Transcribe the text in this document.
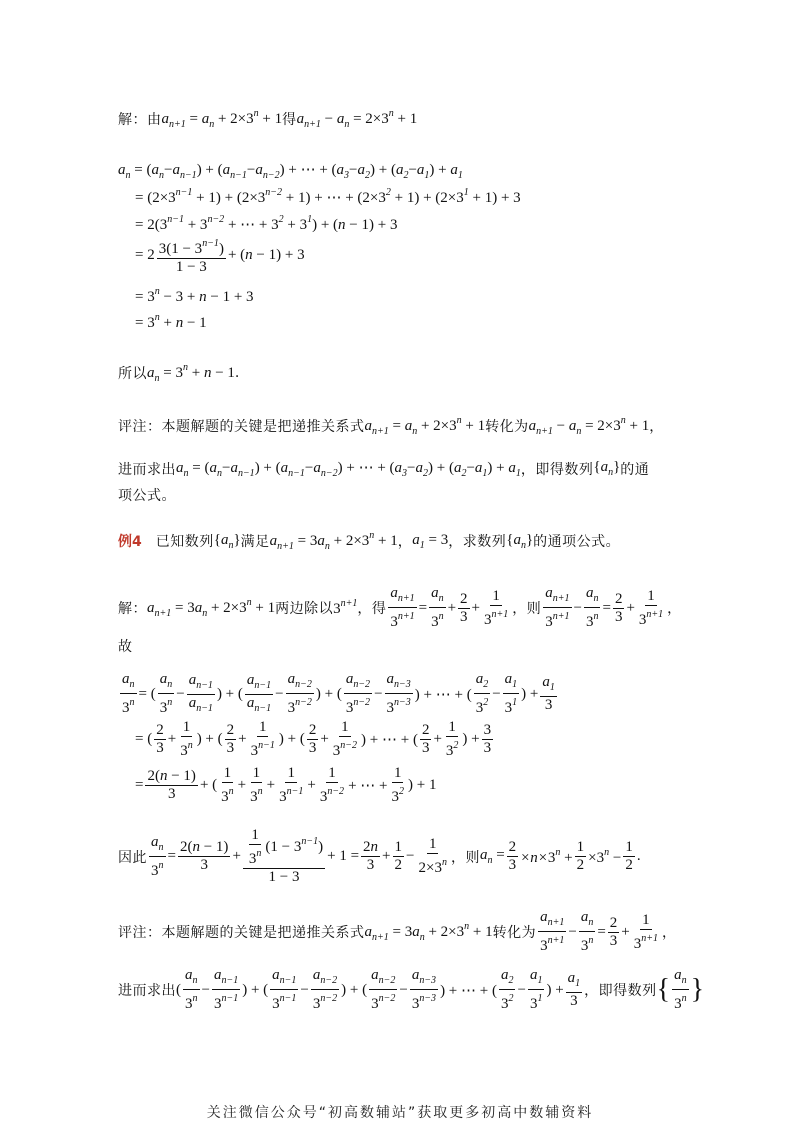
解：由 $a_{n+1} = a_n + 2\times 3^n + 1$ 得 $a_{n+1} - a_n = 2\times 3^n + 1$
$a_n = (a_n-a_{n-1}) + (a_{n-1}-a_{n-2})$ + ⋯ + $(a_3-a_2) + (a_2-a_1) + a_1$
= $(2\times 3^{n-1} + 1) + (2\times 3^{n-2} + 1)$ + ⋯ + $(2\times 3^2 + 1) + (2\times 3^1 + 1) + 3$
= $2(3^{n-1} + 3^{n-2}$ + ⋯ + $3^2 + 3^1) + (n - 1) + 3$
= $2 \frac{3(1 - 3^{n-1})}{1 - 3} + (n - 1) + 3$
= $3^n - 3 + n - 1 + 3$
= $3^n + n - 1$
所以 $a_n = 3^n + n - 1$ .
评注：本题解题的关键是把递推关系式 $a_{n+1} = a_n + 2\times 3^n + 1$ 转化为 $a_{n+1} - a_n = 2\times 3^n + 1$ ，
进而求出 $a_n = (a_n-a_{n-1}) + (a_{n-1}-a_{n-2})$ + ⋯ + $(a_3-a_2) + (a_2-a_1) + a_1$ ，即得数列 $\{a_n\}$ 的通
项公式。
例4 已知数列 $\{a_n\}$ 满足 $a_{n+1} = 3a_n + 2\times 3^n + 1$ ， $a_1 = 3$ ，求数列 $\{a_n\}$ 的通项公式。
解： $a_{n+1} = 3a_n + 2\times 3^n + 1$ 两边除以 $3^{n+1}$ ，得 $\frac{a_{n+1}}{3^{n+1}} = \frac{a_n}{3^n} + \frac{2}{3} + \frac{1}{3^{n+1}}$ ，则 $\frac{a_{n+1}}{3^{n+1}} - \frac{a_n}{3^n} = \frac{2}{3} + \frac{1}{3^{n+1}}$ ，
故
$\frac{a_n}{3^n}$ = ( $\frac{a_n}{3^n} - \frac{a_{n-1}}{a_{n-1}}$ ) + ( $\frac{a_{n-1}}{a_{n-1}} - \frac{a_{n-2}}{3^{n-2}}$ ) + ( $\frac{a_{n-2}}{3^{n-2}} - \frac{a_{n-3}}{3^{n-3}}$ ) + ⋯ + ( $\frac{a_2}{3^2} - \frac{a_1}{3^1}$ ) + $\frac{a_1}{3}$
= ( $\frac{2}{3} + \frac{1}{3^n}$ ) + ( $\frac{2}{3} + \frac{1}{3^{n-1}}$ ) + ( $\frac{2}{3} + \frac{1}{3^{n-2}}$ ) + ⋯ + ( $\frac{2}{3} + \frac{1}{3^2}$ ) + $\frac{3}{3}$
= $\frac{2(n - 1)}{3}$ + ( $\frac{1}{3^n} + \frac{1}{3^n} + \frac{1}{3^{n-1}} + \frac{1}{3^{n-2}}$ + ⋯ + $\frac{1}{3^2}$ ) + 1
因此 $\frac{a_n}{3^n} = \frac{2(n - 1)}{3} + \frac{\frac{1}{3^n} (1 - 3^{n-1})}{1 - 3} + 1 = \frac{2n}{3} + \frac{1}{2} - \frac{1}{2\times 3^n}$ ，则 $a_n = \frac{2}{3} \times n\times 3^n + \frac{1}{2} \times 3^n - \frac{1}{2}$ .
评注：本题解题的关键是把递推关系式 $a_{n+1} = 3a_n + 2\times 3^n + 1$ 转化为 $\frac{a_{n+1}}{3^{n+1}} - \frac{a_n}{3^n} = \frac{2}{3} + \frac{1}{3^{n+1}}$ ，
进而求出 ( $\frac{a_n}{3^n} - \frac{a_{n-1}}{3^{n-1}}$ ) + ( $\frac{a_{n-1}}{3^{n-1}} - \frac{a_{n-2}}{3^{n-2}}$ ) + ( $\frac{a_{n-2}}{3^{n-2}} - \frac{a_{n-3}}{3^{n-3}}$ ) + ⋯ + ( $\frac{a_2}{3^2} - \frac{a_1}{3^1}$ ) + $\frac{a_1}{3}$ ，即得数列 { $\frac{a_n}{3^n}$ }
关注微信公众号“初高数辅站”获取更多初高中数辅资料
